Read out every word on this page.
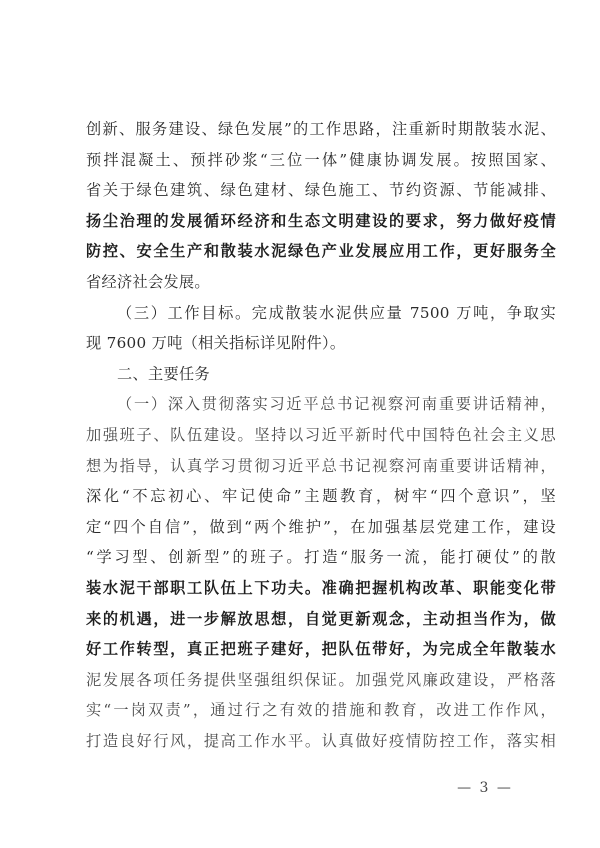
创新、服务建设、绿色发展”的工作思路，注重新时期散装水泥、
预拌混凝土、预拌砂浆“三位一体”健康协调发展。按照国家、
省关于绿色建筑、绿色建材、绿色施工、节约资源、节能减排、
扬尘治理的发展循环经济和生态文明建设的要求，努力做好疫情
防控、安全生产和散装水泥绿色产业发展应用工作，更好服务全
省经济社会发展。
（三）工作目标。完成散装水泥供应量 7500 万吨，争取实
现 7600 万吨（相关指标详见附件）。
二、主要任务
（一）深入贯彻落实习近平总书记视察河南重要讲话精神，
加强班子、队伍建设。坚持以习近平新时代中国特色社会主义思
想为指导，认真学习贯彻习近平总书记视察河南重要讲话精神，
深化“不忘初心、牢记使命”主题教育，树牢“四个意识”，坚
定“四个自信”，做到“两个维护”，在加强基层党建工作，建设
“学习型、创新型”的班子。打造“服务一流，能打硬仗”的散
装水泥干部职工队伍上下功夫。准确把握机构改革、职能变化带
来的机遇，进一步解放思想，自觉更新观念，主动担当作为，做
好工作转型，真正把班子建好，把队伍带好，为完成全年散装水
泥发展各项任务提供坚强组织保证。加强党风廉政建设，严格落
实“一岗双责”，通过行之有效的措施和教育，改进工作作风，
打造良好行风，提高工作水平。认真做好疫情防控工作，落实相
— 3 —
